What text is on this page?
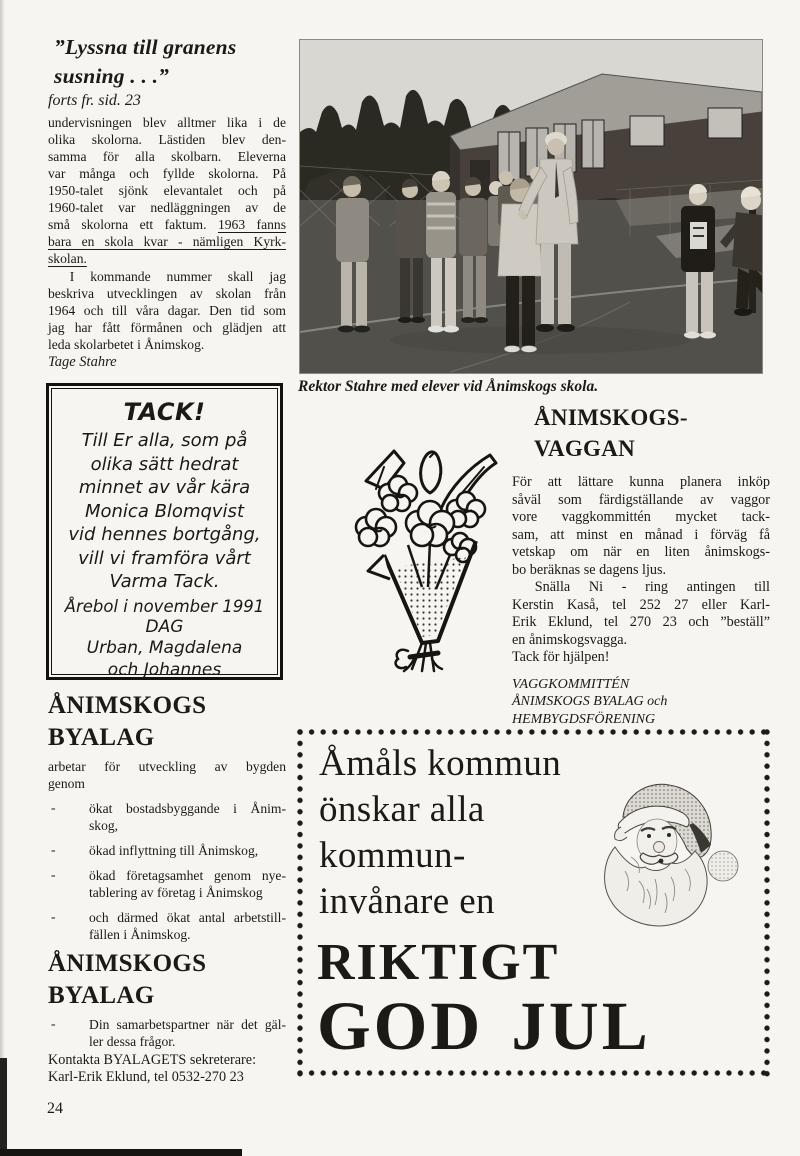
”Lyssna till granens
susning . . .”
forts fr. sid. 23
undervisningen blev alltmer lika i de
olika skolorna. Lästiden blev den-
samma för alla skolbarn. Eleverna
var många och fyllde skolorna. På
1950-talet sjönk elevantalet och på
1960-talet var nedläggningen av de
små skolorna ett faktum. 1963 fanns
bara en skola kvar - nämligen Kyrk-
skolan.
I kommande nummer skall jag
beskriva utvecklingen av skolan från
1964 och till våra dagar. Den tid som
jag har fått förmånen och glädjen att
leda skolarbetet i Ånimskog.
Tage Stahre
TACK!
Till Er alla, som på
olika sätt hedrat
minnet av vår kära
Monica Blomqvist
vid hennes bortgång,
vill vi framföra vårt
Varma Tack.
Årebol i november 1991
DAG
Urban, Magdalena
och Johannes
ÅNIMSKOGS
BYALAG
arbetar för utveckling av bygden
genom
-	ökat bostadsbyggande i Ånim-
skog,
-	ökad inflyttning till Ånimskog,
-	ökad företagsamhet genom nye-
tablering av företag i Ånimskog
-	och därmed ökat antal arbetstill-
fällen i Ånimskog.
ÅNIMSKOGS
BYALAG
-	Din samarbetspartner när det gäl-
ler dessa frågor.
Kontakta BYALAGETS sekreterare:
Karl-Erik Eklund, tel 0532-270 23
24
Rektor Stahre med elever vid Ånimskogs skola.
ÅNIMSKOGS-
VAGGAN
För att lättare kunna planera inköp
såväl som färdigställande av vaggor
vore vaggkommittén mycket tack-
sam, att minst en månad i förväg få
vetskap om när en liten ånimskogs-
bo beräknas se dagens ljus.
Snälla Ni - ring antingen till
Kerstin Kaså, tel 252 27 eller Karl-
Erik Eklund, tel 270 23 och ”beställ”
en ånimskogsvagga.
Tack för hjälpen!
VAGGKOMMITTÉN
ÅNIMSKOGS BYALAG och
HEMBYGDSFÖRENING
Åmåls kommun
önskar alla
kommun-
invånare en
RIKTIGT
GOD JUL
